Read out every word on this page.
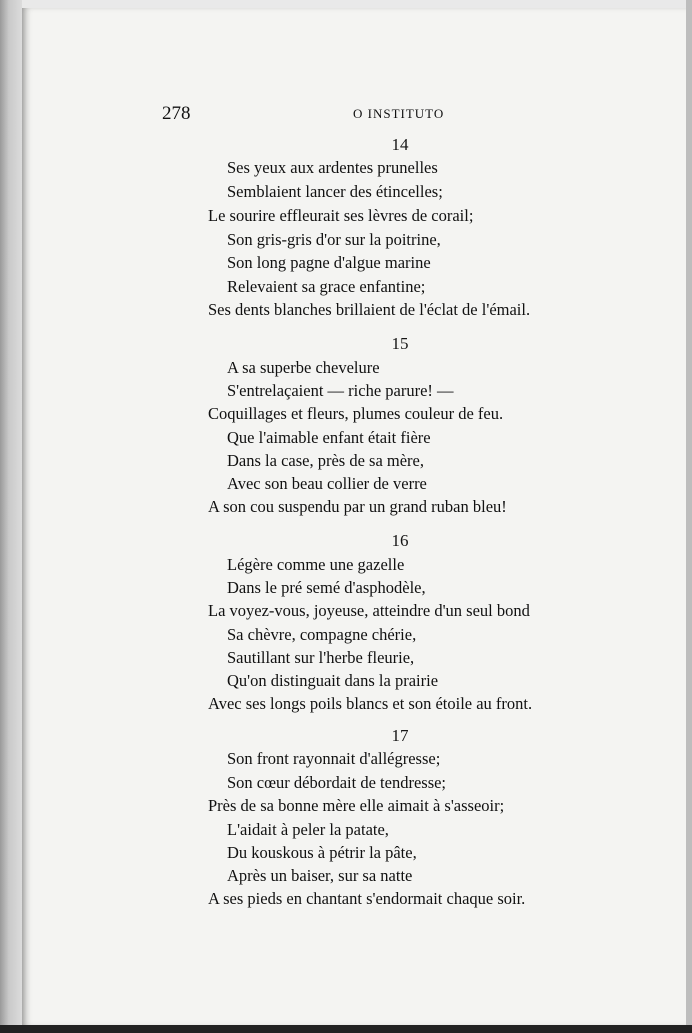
278	O INSTITUTO
14
Ses yeux aux ardentes prunelles
Semblaient lancer des étincelles;
Le sourire effleurait ses lèvres de corail;
Son gris-gris d'or sur la poitrine,
Son long pagne d'algue marine
Relevaient sa grace enfantine;
Ses dents blanches brillaient de l'éclat de l'émail.
15
A sa superbe chevelure
S'entrelaçaient — riche parure! —
Coquillages et fleurs, plumes couleur de feu.
Que l'aimable enfant était fière
Dans la case, près de sa mère,
Avec son beau collier de verre
A son cou suspendu par un grand ruban bleu!
16
Légère comme une gazelle
Dans le pré semé d'asphodèle,
La voyez-vous, joyeuse, atteindre d'un seul bond
Sa chèvre, compagne chérie,
Sautillant sur l'herbe fleurie,
Qu'on distinguait dans la prairie
Avec ses longs poils blancs et son étoile au front.
17
Son front rayonnait d'allégresse;
Son cœur débordait de tendresse;
Près de sa bonne mère elle aimait à s'asseoir;
L'aidait à peler la patate,
Du kouskous à pétrir la pâte,
Après un baiser, sur sa natte
A ses pieds en chantant s'endormait chaque soir.
